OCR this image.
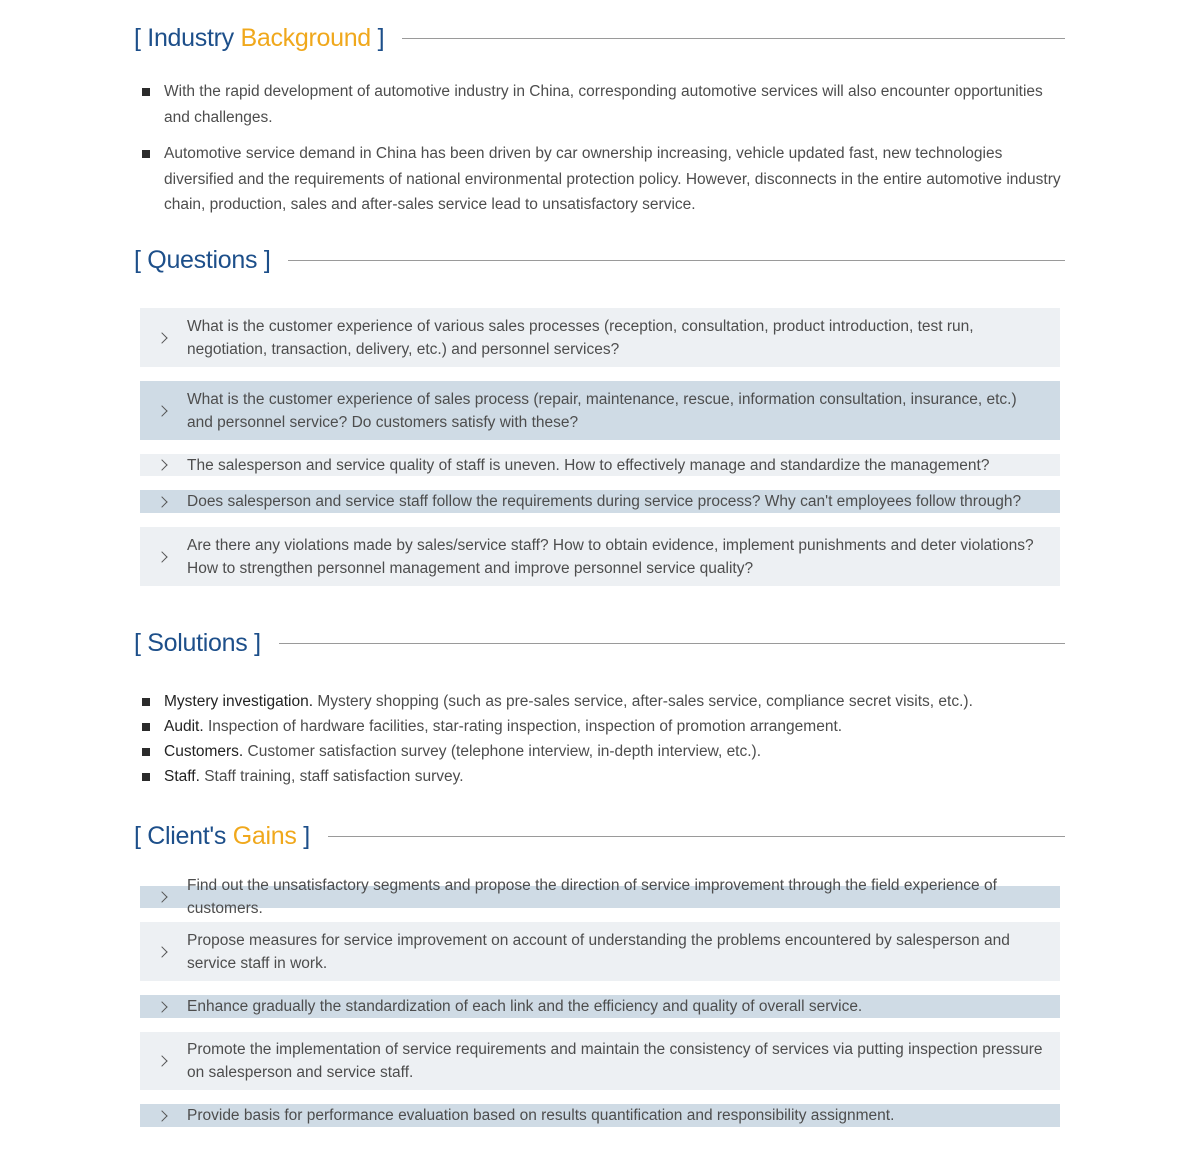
[ Industry Background ]
With the rapid development of automotive industry in China, corresponding automotive services will also encounter opportunities and challenges.
Automotive service demand in China has been driven by car ownership increasing, vehicle updated fast, new technologies diversified and the requirements of national environmental protection policy. However, disconnects in the entire automotive industry chain, production, sales and after-sales service lead to unsatisfactory service.
[ Questions ]
What is the customer experience of various sales processes (reception, consultation, product introduction, test run, negotiation, transaction, delivery, etc.) and personnel services?
What is the customer experience of sales process (repair, maintenance, rescue, information consultation, insurance, etc.) and personnel service? Do customers satisfy with these?
The salesperson and service quality of staff is uneven. How to effectively manage and standardize the management?
Does salesperson and service staff follow the requirements during service process? Why can't employees follow through?
Are there any violations made by sales/service staff? How to obtain evidence, implement punishments and deter violations? How to strengthen personnel management and improve personnel service quality?
[ Solutions ]
Mystery investigation. Mystery shopping (such as pre-sales service, after-sales service, compliance secret visits, etc.).
Audit. Inspection of hardware facilities, star-rating inspection, inspection of promotion arrangement.
Customers. Customer satisfaction survey (telephone interview, in-depth interview, etc.).
Staff. Staff training, staff satisfaction survey.
[ Client's Gains ]
Find out the unsatisfactory segments and propose the direction of service improvement through the field experience of customers.
Propose measures for service improvement on account of understanding the problems encountered by salesperson and service staff in work.
Enhance gradually the standardization of each link and the efficiency and quality of overall service.
Promote the implementation of service requirements and maintain the consistency of services via putting inspection pressure on salesperson and service staff.
Provide basis for performance evaluation based on results quantification and responsibility assignment.
